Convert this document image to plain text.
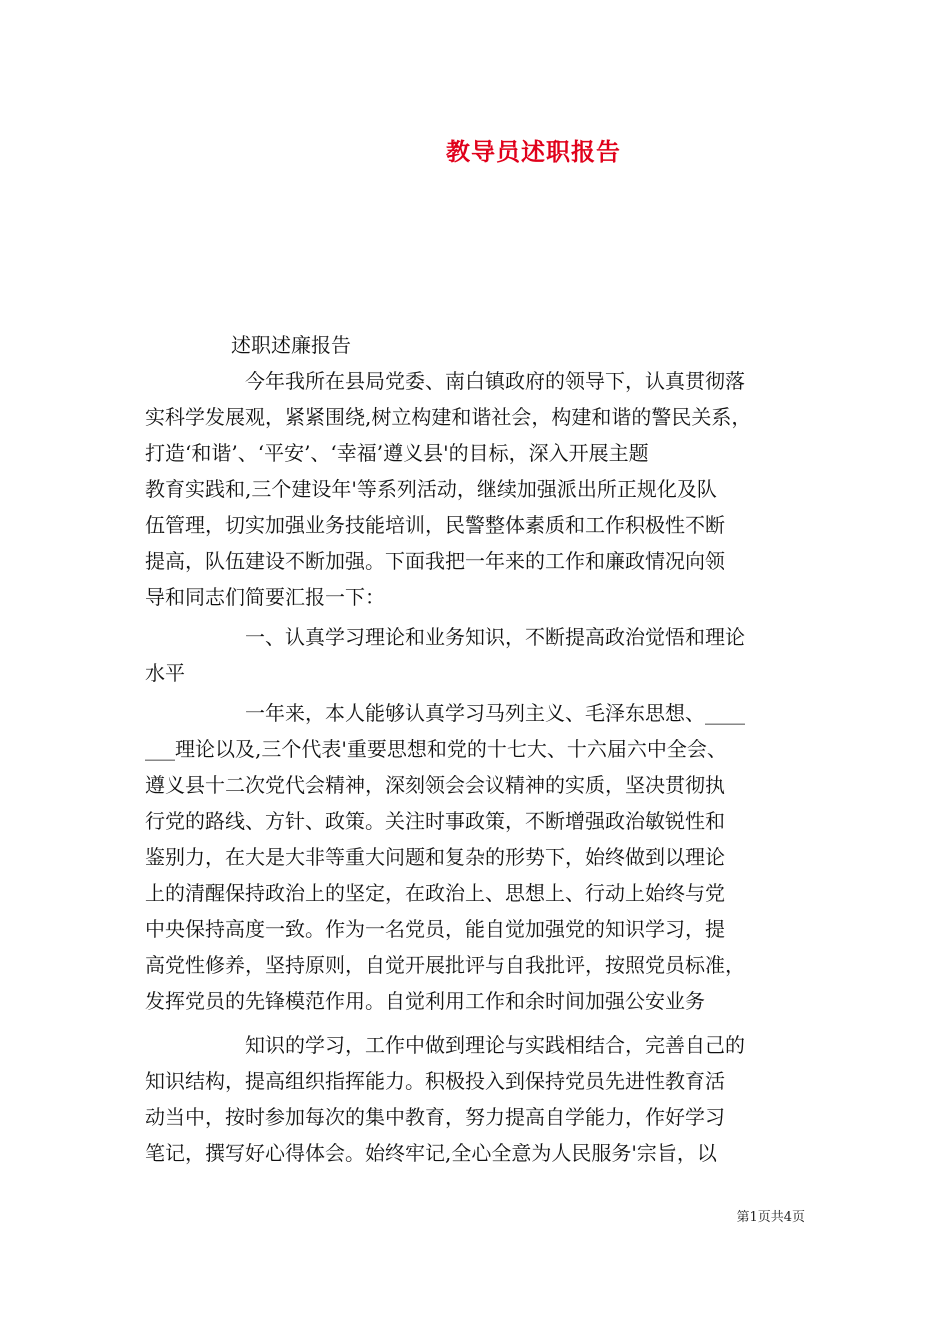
教导员述职报告
述职述廉报告
今年我所在县局党委、南白镇政府的领导下，认真贯彻落
实科学发展观，紧紧围绕,树立构建和谐社会，构建和谐的警民关系，
打造‘和谐’、‘平安’、‘幸福’遵义县'的目标，深入开展主题
教育实践和,三个建设年'等系列活动，继续加强派出所正规化及队
伍管理，切实加强业务技能培训，民警整体素质和工作积极性不断
提高，队伍建设不断加强。下面我把一年来的工作和廉政情况向领
导和同志们简要汇报一下：
一、认真学习理论和业务知识，不断提高政治觉悟和理论
水平
一年来，本人能够认真学习马列主义、毛泽东思想、____
___理论以及,三个代表'重要思想和党的十七大、十六届六中全会、
遵义县十二次党代会精神，深刻领会会议精神的实质，坚决贯彻执
行党的路线、方针、政策。关注时事政策，不断增强政治敏锐性和
鉴别力，在大是大非等重大问题和复杂的形势下，始终做到以理论
上的清醒保持政治上的坚定，在政治上、思想上、行动上始终与党
中央保持高度一致。作为一名党员，能自觉加强党的知识学习，提
高党性修养，坚持原则，自觉开展批评与自我批评，按照党员标准，
发挥党员的先锋模范作用。自觉利用工作和余时间加强公安业务
知识的学习，工作中做到理论与实践相结合，完善自己的
知识结构，提高组织指挥能力。积极投入到保持党员先进性教育活
动当中，按时参加每次的集中教育，努力提高自学能力，作好学习
笔记，撰写好心得体会。始终牢记,全心全意为人民服务'宗旨，以
第1页共4页
